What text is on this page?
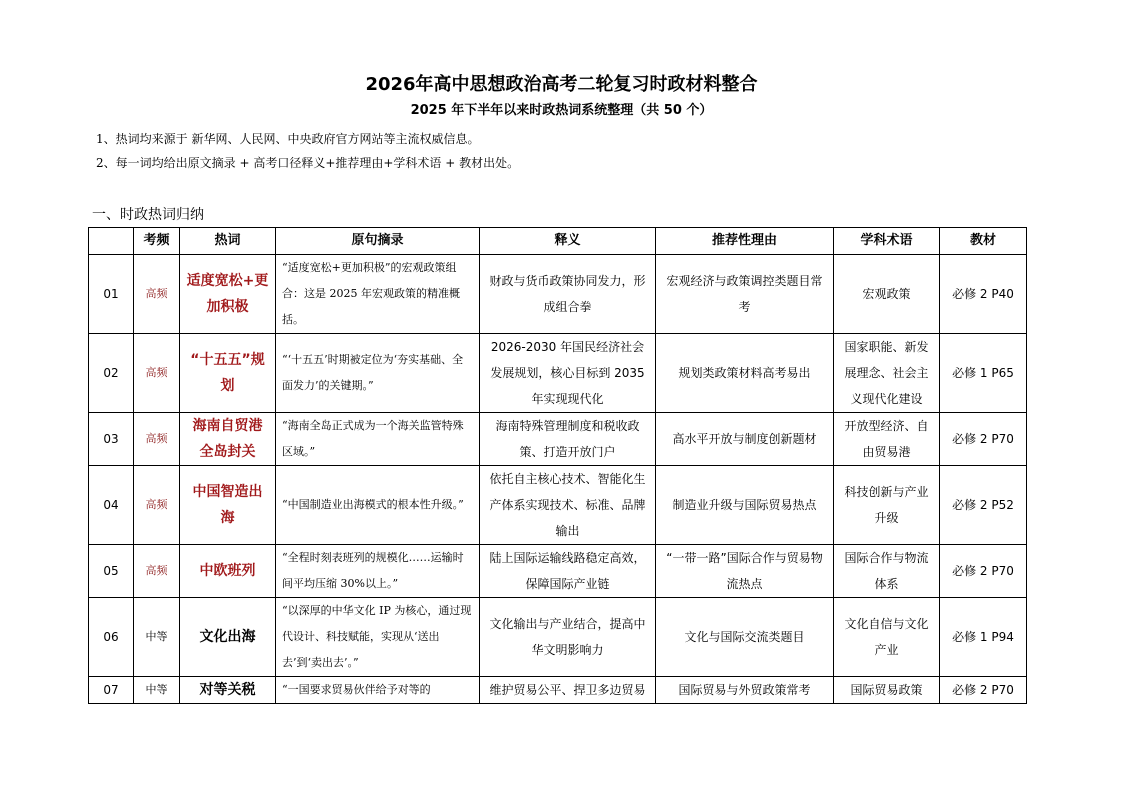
2026年高中思想政治高考二轮复习时政材料整合
2025 年下半年以来时政热词系统整理（共 50 个）
1、热词均来源于 新华网、人民网、中央政府官方网站等主流权威信息。
2、每一词均给出原文摘录 + 高考口径释义+推荐理由+学科术语 + 教材出处。
一、时政热词归纳
	考频	热词	原句摘录	释义	推荐性理由	学科术语	教材
01	高频	适度宽松+更加积极	“适度宽松+更加积极”的宏观政策组合：这是 2025 年宏观政策的精准概括。	财政与货币政策协同发力，形成组合拳	宏观经济与政策调控类题目常考	宏观政策	必修 2 P40
02	高频	“十五五”规划	“‘十五五’时期被定位为‘夯实基础、全面发力’的关键期。”	2026-2030 年国民经济社会发展规划，核心目标到 2035 年实现现代化	规划类政策材料高考易出	国家职能、新发展理念、社会主义现代化建设	必修 1 P65
03	高频	海南自贸港全岛封关	“海南全岛正式成为一个海关监管特殊区域。”	海南特殊管理制度和税收政策、打造开放门户	高水平开放与制度创新题材	开放型经济、自由贸易港	必修 2 P70
04	高频	中国智造出海	“中国制造业出海模式的根本性升级。”	依托自主核心技术、智能化生产体系实现技术、标准、品牌输出	制造业升级与国际贸易热点	科技创新与产业升级	必修 2 P52
05	高频	中欧班列	“全程时刻表班列的规模化……运输时间平均压缩 30%以上。”	陆上国际运输线路稳定高效，保障国际产业链	“一带一路”国际合作与贸易物流热点	国际合作与物流体系	必修 2 P70
06	中等	文化出海	“以深厚的中华文化 IP 为核心，通过现代设计、科技赋能，实现从‘送出去’到‘卖出去’。”	文化输出与产业结合，提高中华文明影响力	文化与国际交流类题目	文化自信与文化产业	必修 1 P94
07	中等	对等关税	“一国要求贸易伙伴给予对等的	维护贸易公平、捍卫多边贸易	国际贸易与外贸政策常考	国际贸易政策	必修 2 P70
